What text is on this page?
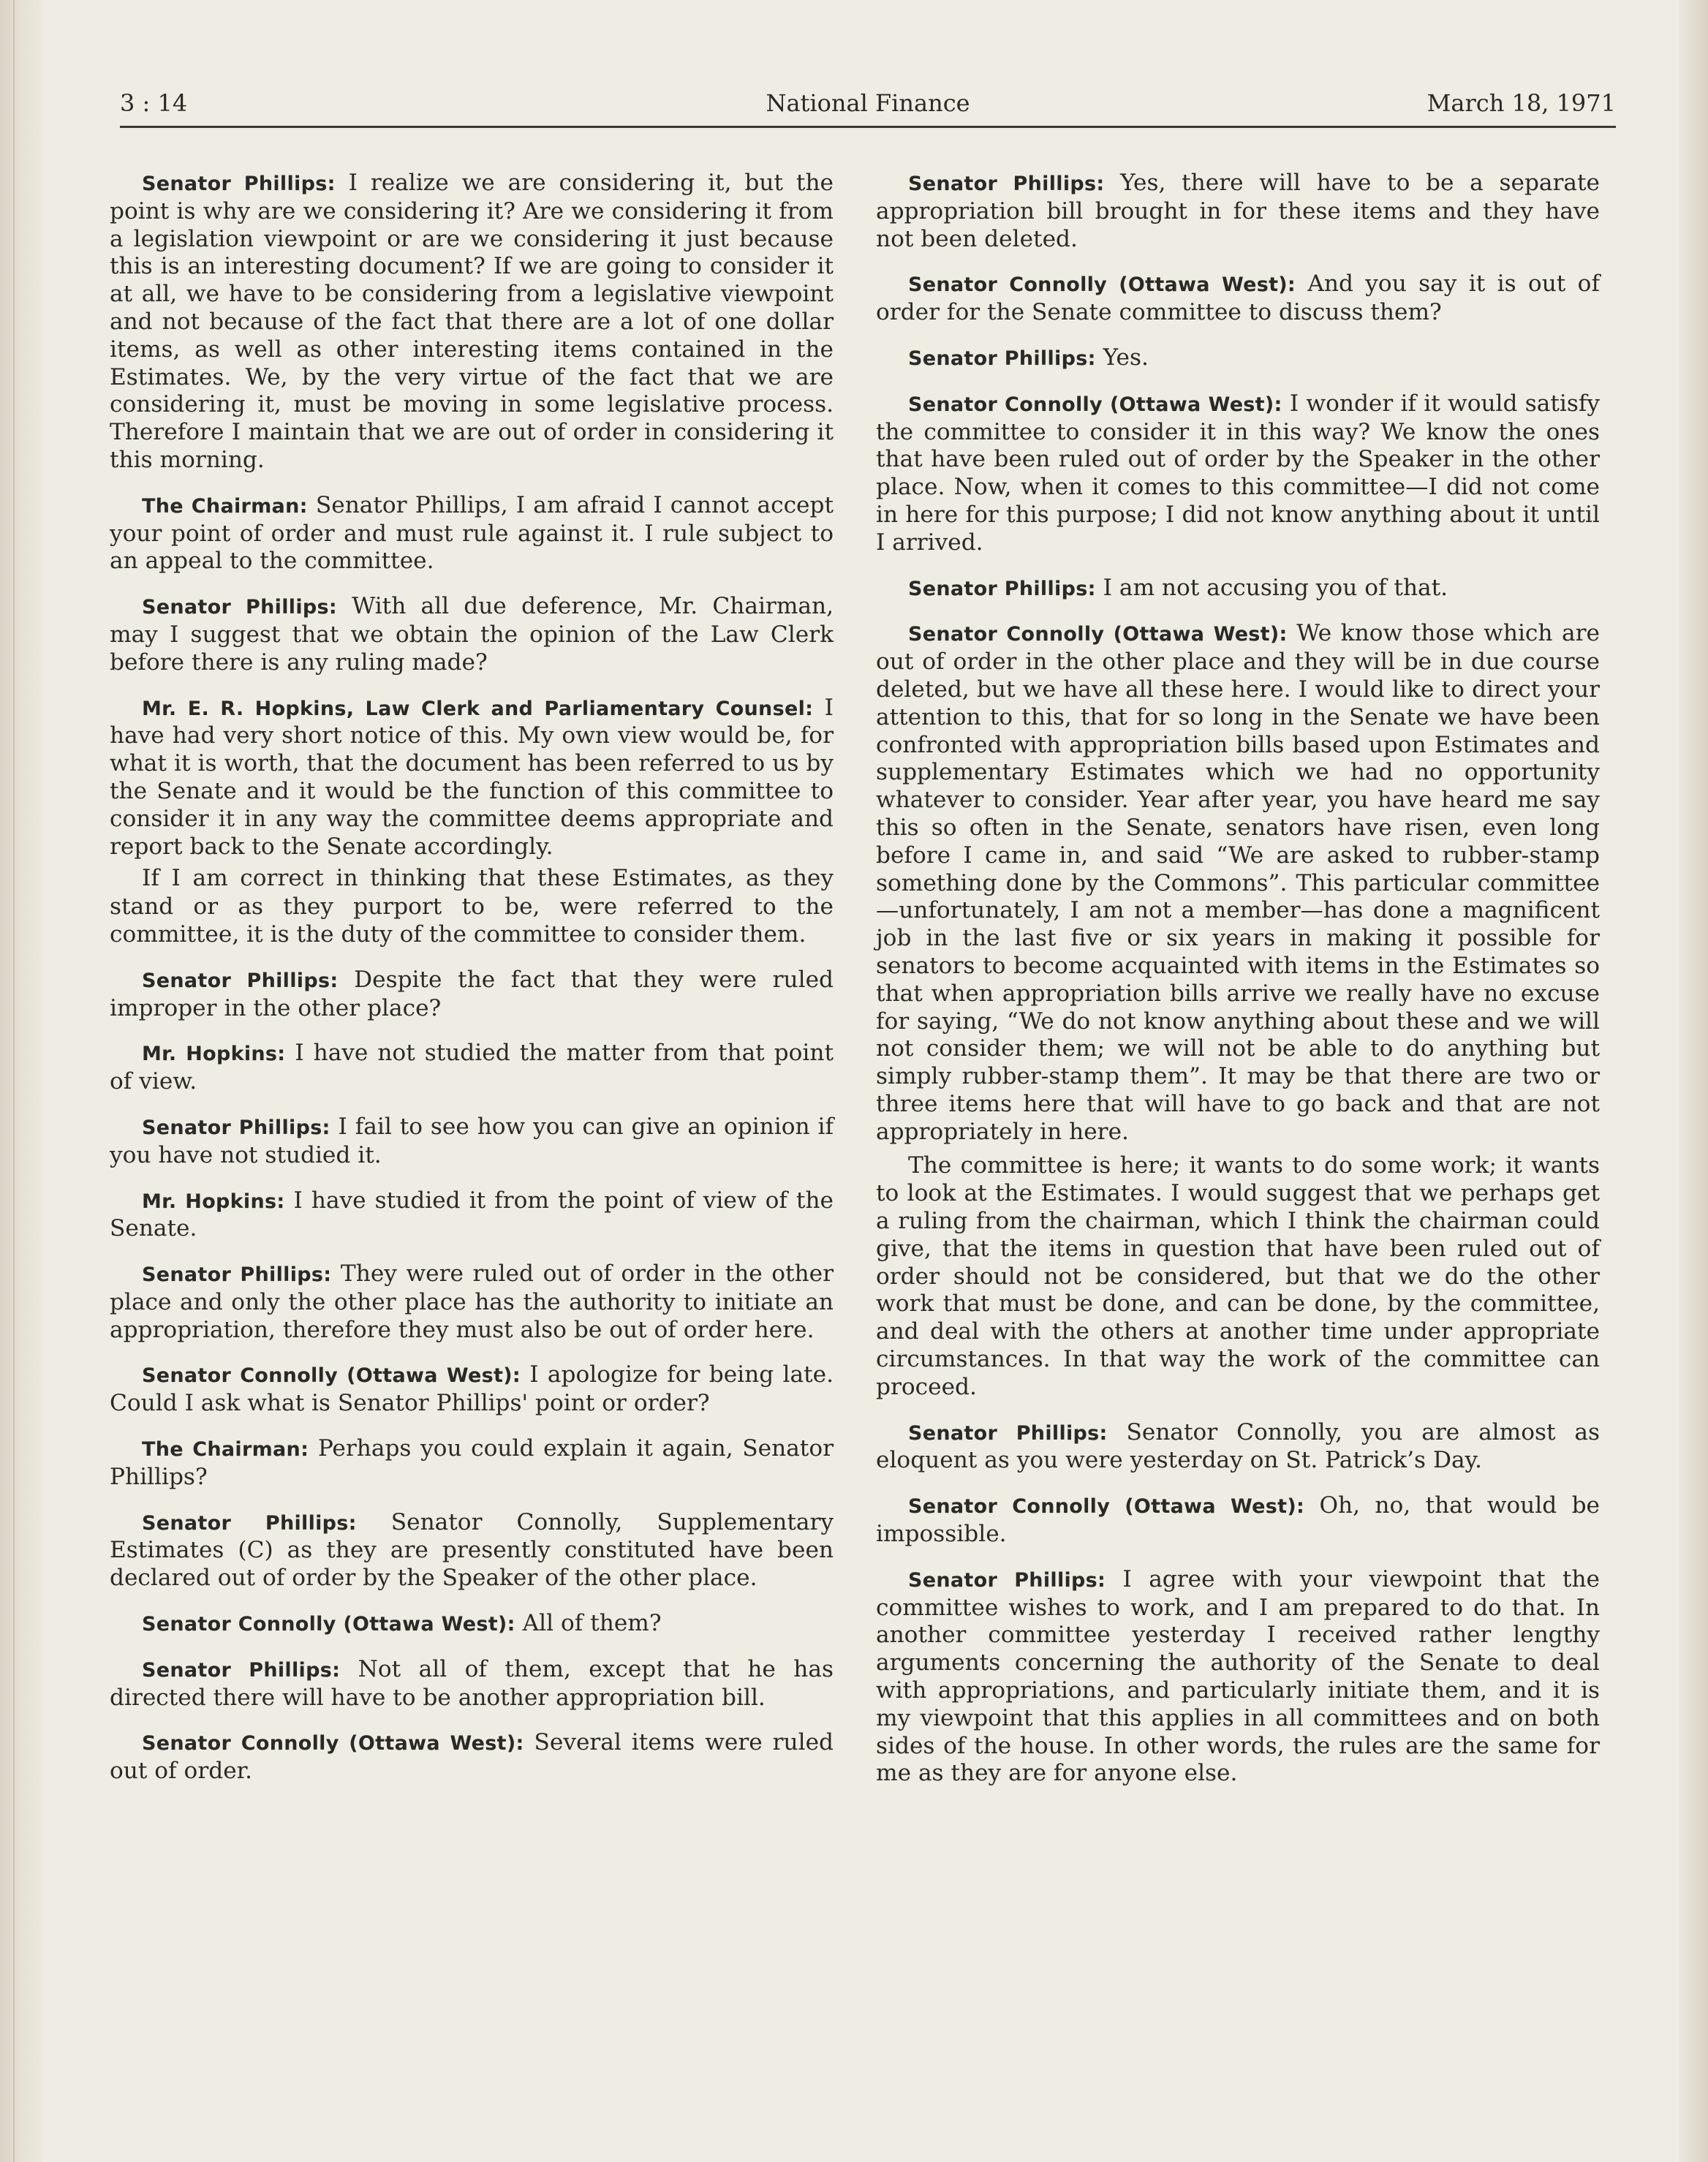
National Finance
3 : 14	March 18, 1971

Senator Phillips: I realize we are considering it, but the point is why are we considering it? Are we considering it from a legislation viewpoint or are we considering it just because this is an interesting document? If we are going to consider it at all, we have to be considering from a legislative viewpoint and not because of the fact that there are a lot of one dollar items, as well as other interesting items contained in the Estimates. We, by the very virtue of the fact that we are considering it, must be moving in some legislative process. Therefore I maintain that we are out of order in considering it this morning.

The Chairman: Senator Phillips, I am afraid I cannot accept your point of order and must rule against it. I rule subject to an appeal to the committee.

Senator Phillips: With all due deference, Mr. Chairman, may I suggest that we obtain the opinion of the Law Clerk before there is any ruling made?

Mr. E. R. Hopkins, Law Clerk and Parliamentary Counsel: I have had very short notice of this. My own view would be, for what it is worth, that the document has been referred to us by the Senate and it would be the function of this committee to consider it in any way the committee deems appropriate and report back to the Senate accordingly.

If I am correct in thinking that these Estimates, as they stand or as they purport to be, were referred to the committee, it is the duty of the committee to consider them.

Senator Phillips: Despite the fact that they were ruled improper in the other place?

Mr. Hopkins: I have not studied the matter from that point of view.

Senator Phillips: I fail to see how you can give an opinion if you have not studied it.

Mr. Hopkins: I have studied it from the point of view of the Senate.

Senator Phillips: They were ruled out of order in the other place and only the other place has the authority to initiate an appropriation, therefore they must also be out of order here.

Senator Connolly (Ottawa West): I apologize for being late. Could I ask what is Senator Phillips' point or order?

The Chairman: Perhaps you could explain it again, Senator Phillips?

Senator Phillips: Senator Connolly, Supplementary Estimates (C) as they are presently constituted have been declared out of order by the Speaker of the other place.

Senator Connolly (Ottawa West): All of them?

Senator Phillips: Not all of them, except that he has directed there will have to be another appropriation bill.

Senator Connolly (Ottawa West): Several items were ruled out of order.

Senator Phillips: Yes, there will have to be a separate appropriation bill brought in for these items and they have not been deleted.

Senator Connolly (Ottawa West): And you say it is out of order for the Senate committee to discuss them?

Senator Phillips: Yes.

Senator Connolly (Ottawa West): I wonder if it would satisfy the committee to consider it in this way? We know the ones that have been ruled out of order by the Speaker in the other place. Now, when it comes to this committee—I did not come in here for this purpose; I did not know anything about it until I arrived.

Senator Phillips: I am not accusing you of that.

Senator Connolly (Ottawa West): We know those which are out of order in the other place and they will be in due course deleted, but we have all these here. I would like to direct your attention to this, that for so long in the Senate we have been confronted with appropriation bills based upon Estimates and supplementary Estimates which we had no opportunity whatever to consider. Year after year, you have heard me say this so often in the Senate, senators have risen, even long before I came in, and said “We are asked to rubber-stamp something done by the Commons”. This particular committee—unfortunately, I am not a member—has done a magnificent job in the last five or six years in making it possible for senators to become acquainted with items in the Estimates so that when appropriation bills arrive we really have no excuse for saying, “We do not know anything about these and we will not consider them; we will not be able to do anything but simply rubber-stamp them”. It may be that there are two or three items here that will have to go back and that are not appropriately in here.

The committee is here; it wants to do some work; it wants to look at the Estimates. I would suggest that we perhaps get a ruling from the chairman, which I think the chairman could give, that the items in question that have been ruled out of order should not be considered, but that we do the other work that must be done, and can be done, by the committee, and deal with the others at another time under appropriate circumstances. In that way the work of the committee can proceed.

Senator Phillips: Senator Connolly, you are almost as eloquent as you were yesterday on St. Patrick’s Day.

Senator Connolly (Ottawa West): Oh, no, that would be impossible.

Senator Phillips: I agree with your viewpoint that the committee wishes to work, and I am prepared to do that. In another committee yesterday I received rather lengthy arguments concerning the authority of the Senate to deal with appropriations, and particularly initiate them, and it is my viewpoint that this applies in all committees and on both sides of the house. In other words, the rules are the same for me as they are for anyone else.
